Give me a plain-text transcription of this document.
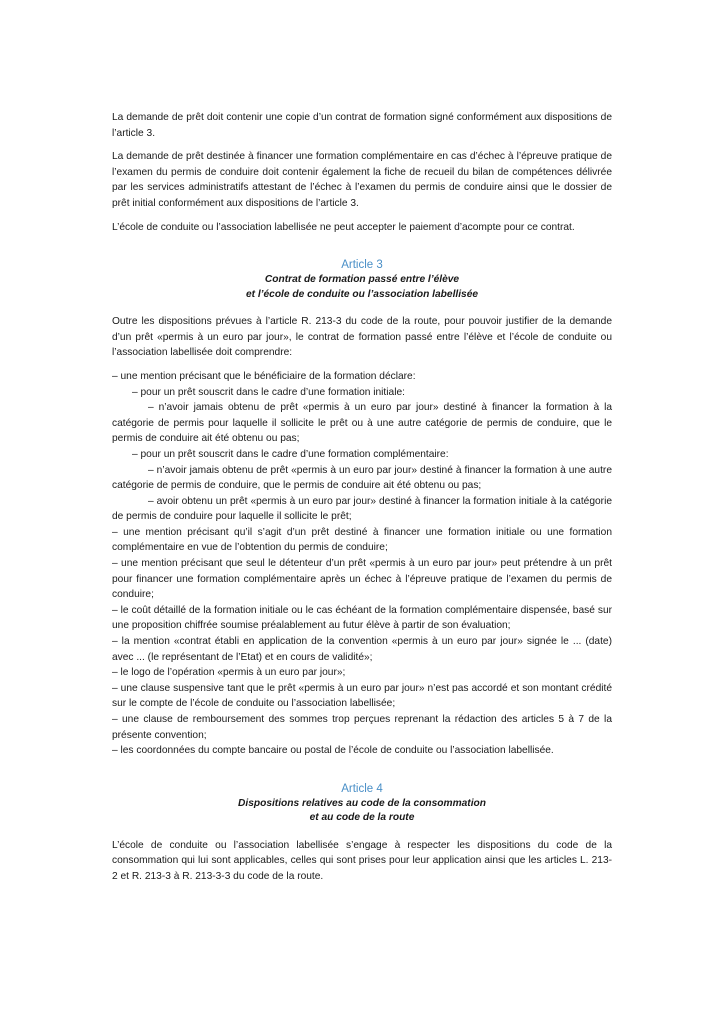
La demande de prêt doit contenir une copie d’un contrat de formation signé conformément aux dispositions de l’article 3.

La demande de prêt destinée à financer une formation complémentaire en cas d’échec à l’épreuve pratique de l’examen du permis de conduire doit contenir également la fiche de recueil du bilan de compétences délivrée par les services administratifs attestant de l’échec à l’examen du permis de conduire ainsi que le dossier de prêt initial conformément aux dispositions de l’article 3.

L’école de conduite ou l’association labellisée ne peut accepter le paiement d’acompte pour ce contrat.

Article 3

Contrat de formation passé entre l’élève

et l’école de conduite ou l’association labellisée

Outre les dispositions prévues à l’article R. 213-3 du code de la route, pour pouvoir justifier de la demande d’un prêt «permis à un euro par jour», le contrat de formation passé entre l’élève et l’école de conduite ou l’association labellisée doit comprendre:

– une mention précisant que le bénéficiaire de la formation déclare:

– pour un prêt souscrit dans le cadre d’une formation initiale:

– n’avoir jamais obtenu de prêt «permis à un euro par jour» destiné à financer la formation à la catégorie de permis pour laquelle il sollicite le prêt ou à une autre catégorie de permis de conduire, que le permis de conduire ait été obtenu ou pas;

– pour un prêt souscrit dans le cadre d’une formation complémentaire:

– n’avoir jamais obtenu de prêt «permis à un euro par jour» destiné à financer la formation à une autre catégorie de permis de conduire, que le permis de conduire ait été obtenu ou pas;

– avoir obtenu un prêt «permis à un euro par jour» destiné à financer la formation initiale à la catégorie de permis de conduire pour laquelle il sollicite le prêt;

– une mention précisant qu’il s’agit d’un prêt destiné à financer une formation initiale ou une formation complémentaire en vue de l’obtention du permis de conduire;

– une mention précisant que seul le détenteur d’un prêt «permis à un euro par jour» peut prétendre à un prêt pour financer une formation complémentaire après un échec à l’épreuve pratique de l’examen du permis de conduire;

– le coût détaillé de la formation initiale ou le cas échéant de la formation complémentaire dispensée, basé sur une proposition chiffrée soumise préalablement au futur élève à partir de son évaluation;

– la mention «contrat établi en application de la convention «permis à un euro par jour» signée le ... (date) avec ... (le représentant de l’Etat) et en cours de validité»;

– le logo de l’opération «permis à un euro par jour»;

– une clause suspensive tant que le prêt «permis à un euro par jour» n’est pas accordé et son montant crédité sur le compte de l’école de conduite ou l’association labellisée;

– une clause de remboursement des sommes trop perçues reprenant la rédaction des articles 5 à 7 de la présente convention;

– les coordonnées du compte bancaire ou postal de l’école de conduite ou l’association labellisée.

Article 4

Dispositions relatives au code de la consommation

et au code de la route

L’école de conduite ou l’association labellisée s’engage à respecter les dispositions du code de la consommation qui lui sont applicables, celles qui sont prises pour leur application ainsi que les articles L. 213-2 et R. 213-3 à R. 213-3-3 du code de la route.
